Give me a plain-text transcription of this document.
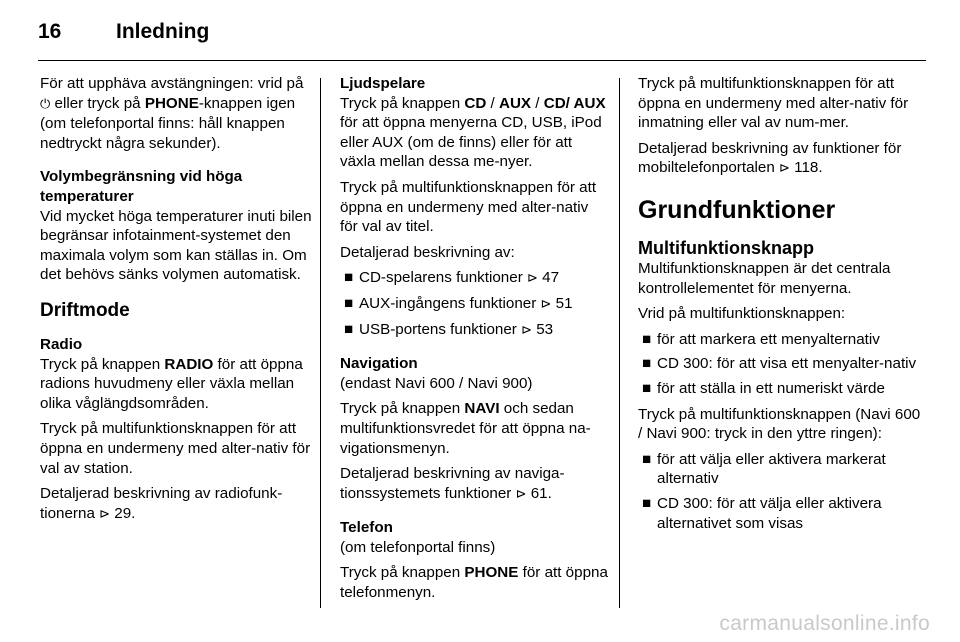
16	Inledning

För att upphäva avstängningen: vrid på ⏻ eller tryck på PHONE-knappen igen (om telefonportal finns: håll knappen nedtryckt några sekunder).

Volymbegränsning vid höga temperaturer

Vid mycket höga temperaturer inuti bilen begränsar infotainment-systemet den maximala volym som kan ställas in. Om det behövs sänks volymen automatisk.

Driftmode

Radio

Tryck på knappen RADIO för att öppna radions huvudmeny eller växla mellan olika våglängdsområden.

Tryck på multifunktionsknappen för att öppna en undermeny med alter-nativ för val av station.

Detaljerad beskrivning av radiofunk-tionerna ⊳ 29.

Ljudspelare

Tryck på knappen CD / AUX / CD/ AUX för att öppna menyerna CD, USB, iPod eller AUX (om de finns) eller för att växla mellan dessa me-nyer.

Tryck på multifunktionsknappen för att öppna en undermeny med alter-nativ för val av titel.

Detaljerad beskrivning av:

■ CD-spelarens funktioner ⊳ 47
■ AUX-ingångens funktioner ⊳ 51
■ USB-portens funktioner ⊳ 53

Navigation

(endast Navi 600 / Navi 900)

Tryck på knappen NAVI och sedan multifunktionsvredet för att öppna na-vigationsmenyn.

Detaljerad beskrivning av naviga-tionssystemets funktioner ⊳ 61.

Telefon

(om telefonportal finns)

Tryck på knappen PHONE för att öppna telefonmenyn.

Tryck på multifunktionsknappen för att öppna en undermeny med alter-nativ för inmatning eller val av num-mer.

Detaljerad beskrivning av funktioner för mobiltelefonportalen ⊳ 118.

Grundfunktioner

Multifunktionsknapp

Multifunktionsknappen är det centrala kontrollelementet för menyerna.

Vrid på multifunktionsknappen:

■ för att markera ett menyalternativ
■ CD 300: för att visa ett menyalter-nativ
■ för att ställa in ett numeriskt värde

Tryck på multifunktionsknappen (Navi 600 / Navi 900: tryck in den yttre ringen):

■ för att välja eller aktivera markerat alternativ
■ CD 300: för att välja eller aktivera alternativet som visas
carmanualsonline.info
